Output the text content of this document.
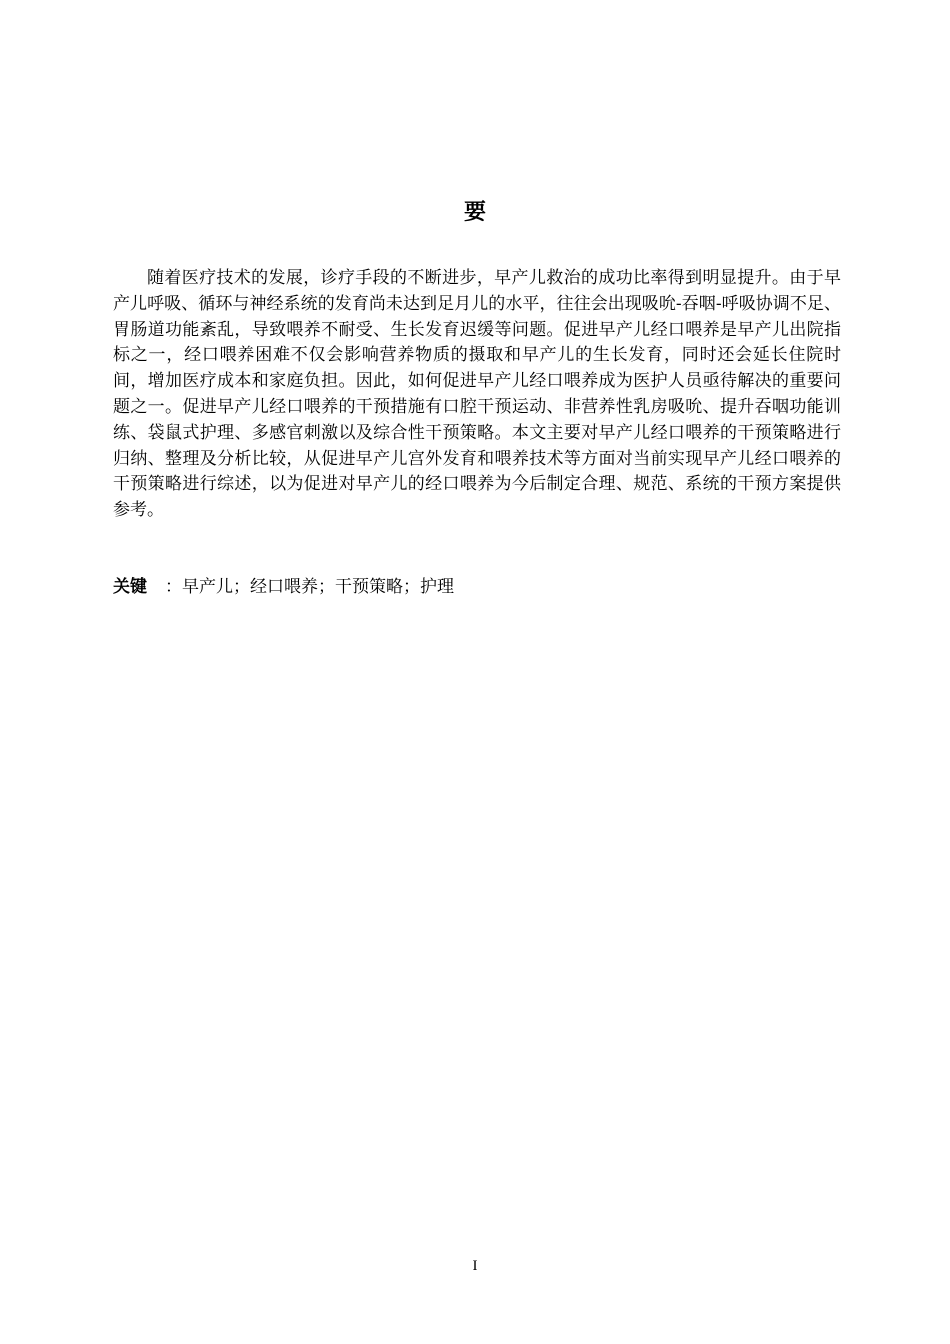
要

随着医疗技术的发展，诊疗手段的不断进步，早产儿救治的成功比率得到明显提升。由于早产儿呼吸、循环与神经系统的发育尚未达到足月儿的水平，往往会出现吸吮-吞咽-呼吸协调不足、胃肠道功能紊乱，导致喂养不耐受、生长发育迟缓等问题。促进早产儿经口喂养是早产儿出院指标之一，经口喂养困难不仅会影响营养物质的摄取和早产儿的生长发育，同时还会延长住院时间，增加医疗成本和家庭负担。因此，如何促进早产儿经口喂养成为医护人员亟待解决的重要问题之一。促进早产儿经口喂养的干预措施有口腔干预运动、非营养性乳房吸吮、提升吞咽功能训练、袋鼠式护理、多感官刺激以及综合性干预策略。本文主要对早产儿经口喂养的干预策略进行归纳、整理及分析比较，从促进早产儿宫外发育和喂养技术等方面对当前实现早产儿经口喂养的干预策略进行综述，以为促进对早产儿的经口喂养为今后制定合理、规范、系统的干预方案提供参考。

关键 ：早产儿；经口喂养；干预策略；护理
I
